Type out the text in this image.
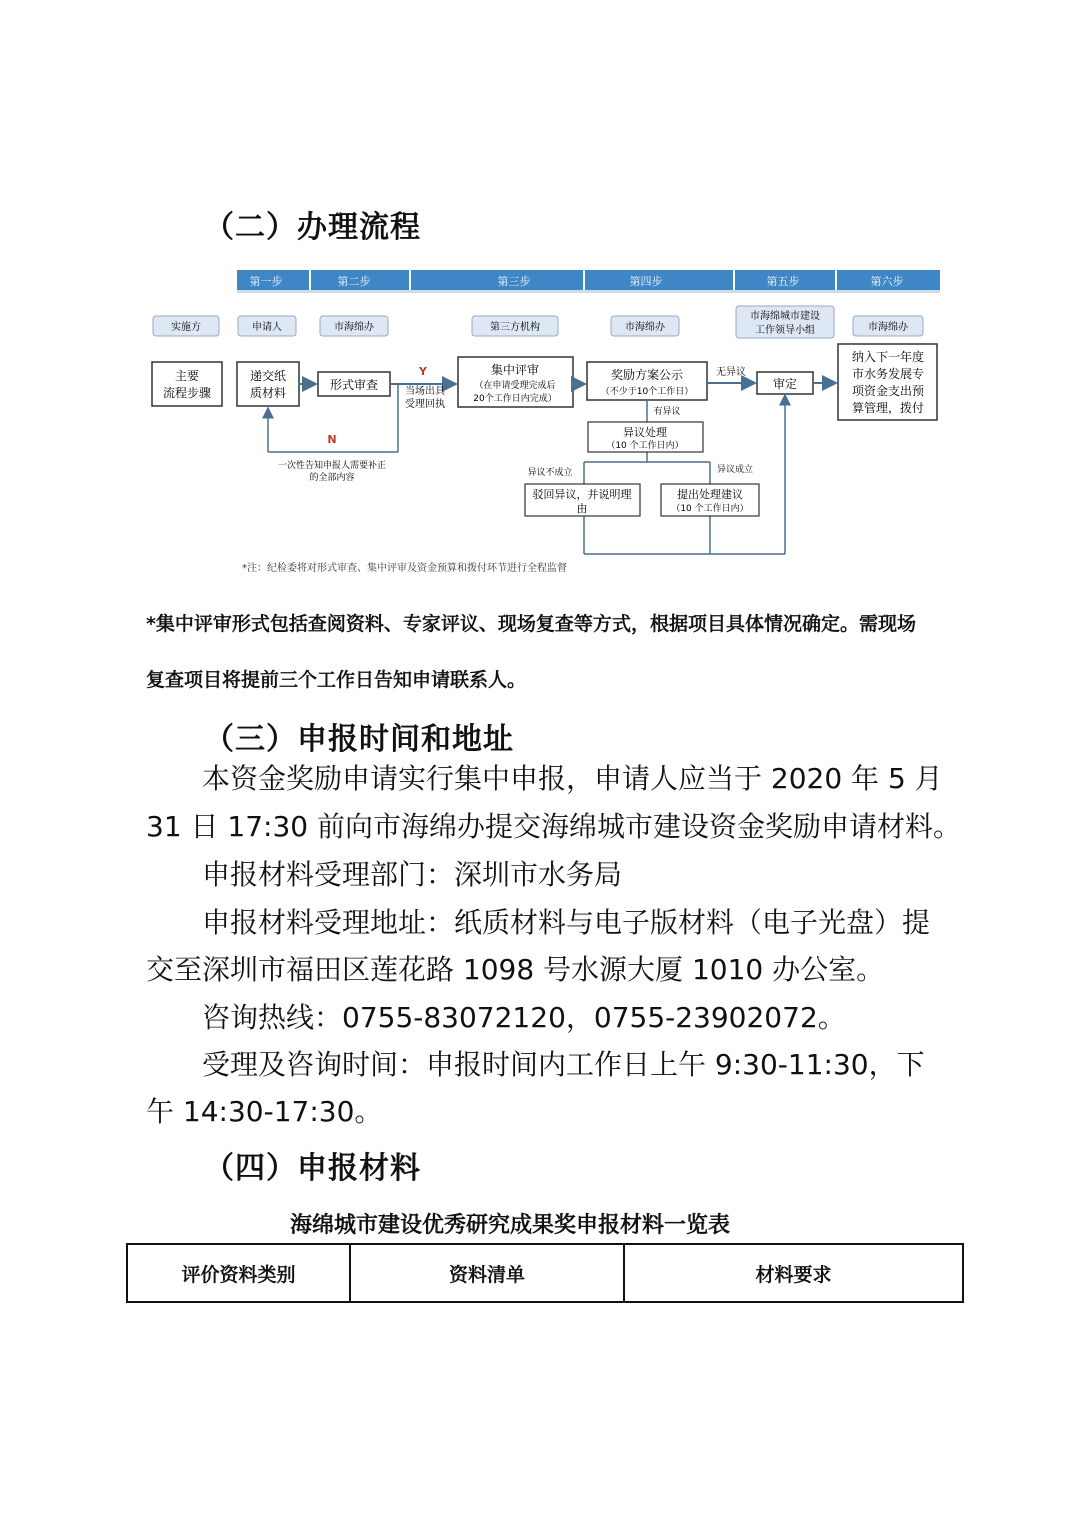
（二）办理流程
第一步	第二步	第三步	第四步	第五步	第六步
实施方	申请人	市海绵办	第三方机构	市海绵办
市海绵城市建设
工作领导小组	市海绵办
主要
流程步骤
递交纸
质材料
形式审查
集中评审
（在申请受理完成后
20个工作日内完成）
奖励方案公示
（不少于10个工作日）
审定
纳入下一年度
市水务发展专
项资金支出预
算管理，拨付
Y
当场出具
受理回执
N
一次性告知申报人需要补正
的全部内容
无异议
有异议
异议处理
（10 个工作日内）
异议不成立	异议成立
驳回异议，并说明理
由
提出处理建议
（10 个工作日内）
*注：纪检委将对形式审查、集中评审及资金预算和拨付环节进行全程监督
*集中评审形式包括查阅资料、专家评议、现场复查等方式，根据项目具体情况确定。需现场
复查项目将提前三个工作日告知申请联系人。
（三）申报时间和地址
本资金奖励申请实行集中申报，申请人应当于 2020 年 5 月
31 日 17:30 前向市海绵办提交海绵城市建设资金奖励申请材料。
申报材料受理部门：深圳市水务局
申报材料受理地址：纸质材料与电子版材料（电子光盘）提
交至深圳市福田区莲花路 1098 号水源大厦 1010 办公室。
咨询热线：0755-83072120，0755-23902072。
受理及咨询时间：申报时间内工作日上午 9:30-11:30，下
午 14:30-17:30。
（四）申报材料
海绵城市建设优秀研究成果奖申报材料一览表
评价资料类别	资料清单	材料要求
